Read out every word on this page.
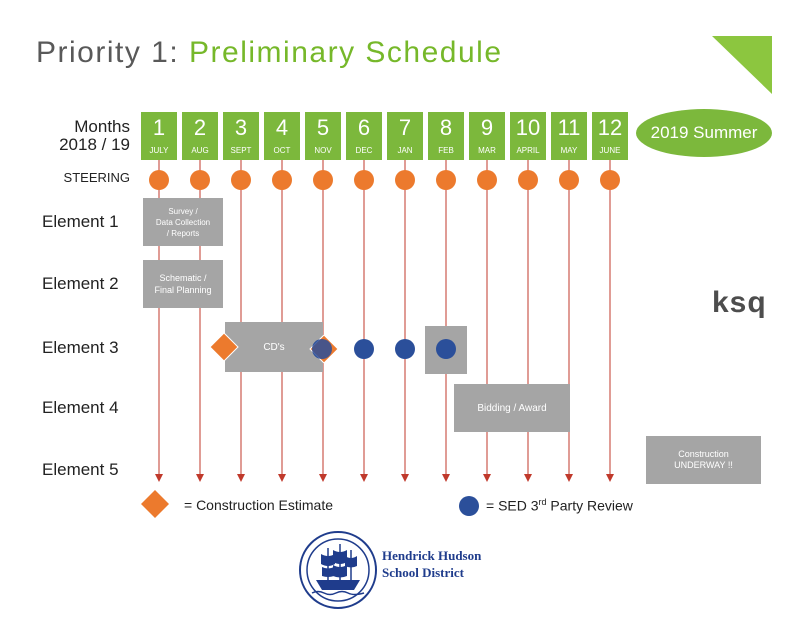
Priority 1: Preliminary Schedule
Months
2018 / 19
STEERING
Element 1
Element 2
Element 3
Element 4
Element 5
Survey /
Data Collection
/ Reports
Schematic /
Final Planning
CD's
Bidding / Award
Construction
UNDERWAY !!
1
JULY
2
AUG
3
SEPT
4
OCT
5
NOV
6
DEC
7
JAN
8
FEB
9
MAR
10
APRIL
11
MAY
12
JUNE
2019 Summer
ksq
= Construction Estimate	= SED 3rd Party Review
Hendrick Hudson
School District
